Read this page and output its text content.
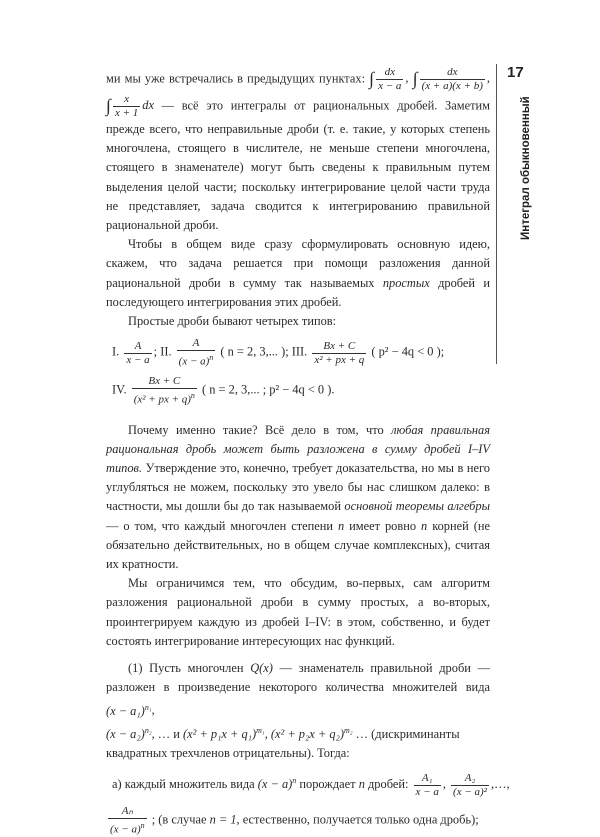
17
Интеграл обыкновенный

ми мы уже встречались в предыдущих пунктах: ∫ $\frac{dx}{x - a}$ , ∫ $\frac{dx}{(x + a)(x + b)}$ , ∫ $\frac{x}{x + 1}$ dx — всё это интегралы от рациональных дробей. Заметим прежде всего, что неправильные дроби (т. е. такие, у которых степень многочлена, стоящего в числителе, не меньше степени многочлена, стоящего в знаменателе) могут быть сведены к правильным путем выделения целой части; поскольку интегрирование целой части труда не представляет, задача сводится к интегрированию правильной рациональной дроби.

Чтобы в общем виде сразу сформулировать основную идею, скажем, что задача решается при помощи разложения данной рациональной дроби в сумму так называемых простых дробей и последующего интегрирования этих дробей.

Простые дроби бывают четырех типов:

I. $\frac{A}{x - a}$ ; II. $\frac{A}{(x - a)^n}$ ( n = 2, 3,... ); III. $\frac{Bx + C}{\text{x² + px + q}}$ ( p² − 4q < 0 );
IV. $\frac{Bx + C}{(x^2 + px + q)^n}$ ( n = 2, 3,... ; p² − 4q < 0 ).

Почему именно такие? Всё дело в том, что любая правильная рациональная дробь может быть разложена в сумму дробей I–IV типов. Утверждение это, конечно, требует доказательства, но мы в него углубляться не можем, поскольку это увело бы нас слишком далеко: в частности, мы дошли бы до так называемой основной теоремы алгебры — о том, что каждый многочлен степени n имеет ровно n корней (не обязательно действительных, но в общем случае комплексных), считая их кратности.

Мы ограничимся тем, что обсудим, во-первых, сам алгоритм разложения рациональной дроби в сумму простых, а во-вторых, проинтегрируем каждую из дробей I–IV: в этом, собственно, и будет состоять интегрирование интересующих нас функций.

(1) Пусть многочлен Q(x) — знаменатель правильной дроби — разложен в произведение некоторого количества множителей вида $(x - a_1)^{n_1}$,

$(x - a_2)^{n_2}$, … и $(x^2 + p_1x + q_1)^{m_1}$, $(x^2 + p_2x + q_2)^{m_2}$ … (дискриминанты
квадратных трехчленов отрицательны). Тогда:
а) каждый множитель вида $(x - a)^n$ порождает n дробей: $\frac{\text{A₁}}{x - a}$ , $\frac{\text{A₂}}{\text{(x − a)²}}$ ,…,
$\frac{\text{Aₙ}}{(x - a)^n}$ ; (в случае n = 1, естественно, получается только одна дробь);
